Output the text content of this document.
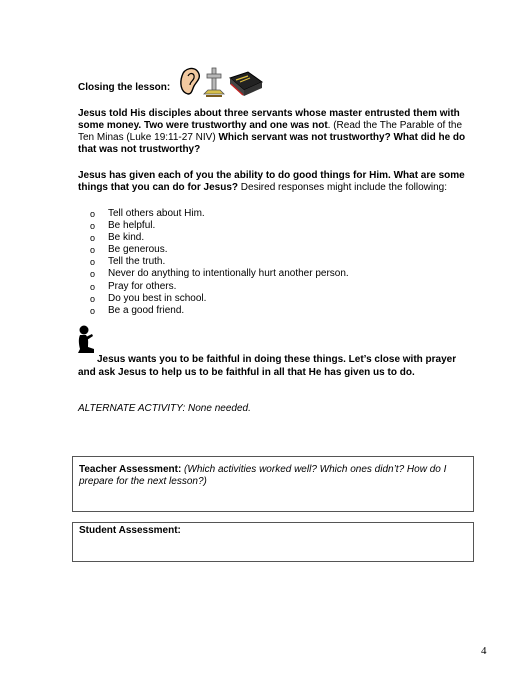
Closing the lesson:
Jesus told His disciples about three servants whose master entrusted them with some money. Two were trustworthy and one was not. (Read the The Parable of the Ten Minas (Luke 19:11-27 NIV) Which servant was not trustworthy? What did he do that was not trustworthy?
Jesus has given each of you the ability to do good things for Him. What are some things that you can do for Jesus? Desired responses might include the following:
o Tell others about Him.
o Be helpful.
o Be kind.
o Be generous.
o Tell the truth.
o Never do anything to intentionally hurt another person.
o Pray for others.
o Do you best in school.
o Be a good friend.
Jesus wants you to be faithful in doing these things. Let’s close with prayer
and ask Jesus to help us to be faithful in all that He has given us to do.
ALTERNATE ACTIVITY: None needed.
Teacher Assessment: (Which activities worked well? Which ones didn’t? How do I prepare for the next lesson?)
Student Assessment:
4
